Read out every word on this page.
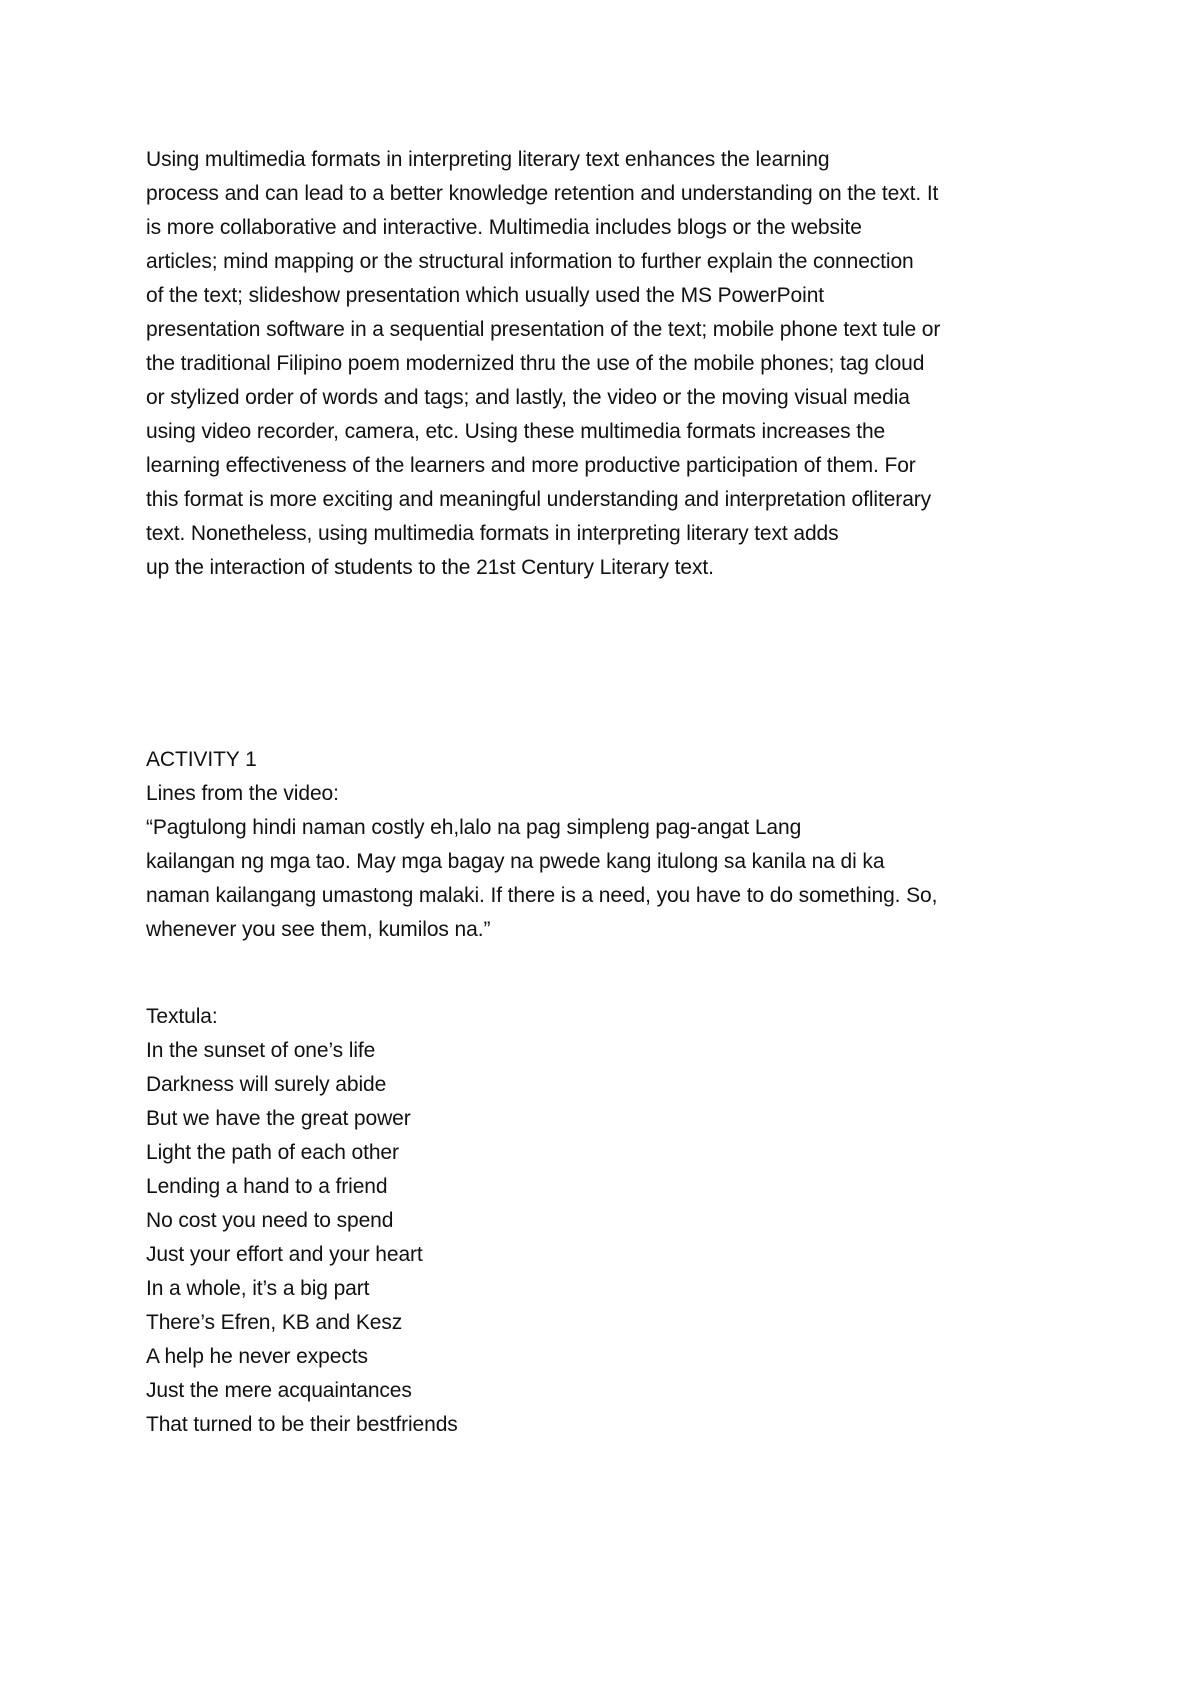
Using multimedia formats in interpreting literary text enhances the learning
process and can lead to a better knowledge retention and understanding on the text. It
is more collaborative and interactive. Multimedia includes blogs or the website
articles; mind mapping or the structural information to further explain the connection
of the text; slideshow presentation which usually used the MS PowerPoint
presentation software in a sequential presentation of the text; mobile phone text tule or
the traditional Filipino poem modernized thru the use of the mobile phones; tag cloud
or stylized order of words and tags; and lastly, the video or the moving visual media
using video recorder, camera, etc. Using these multimedia formats increases the
learning effectiveness of the learners and more productive participation of them. For
this format is more exciting and meaningful understanding and interpretation ofliterary
text. Nonetheless, using multimedia formats in interpreting literary text adds
up the interaction of students to the 21st Century Literary text.
ACTIVITY 1
Lines from the video:
“Pagtulong hindi naman costly eh,lalo na pag simpleng pag-angat Lang
kailangan ng mga tao. May mga bagay na pwede kang itulong sa kanila na di ka
naman kailangang umastong malaki. If there is a need, you have to do something. So,
whenever you see them, kumilos na.”
Textula:
In the sunset of one’s life
Darkness will surely abide
But we have the great power
Light the path of each other
Lending a hand to a friend
No cost you need to spend
Just your effort and your heart
In a whole, it’s a big part
There’s Efren, KB and Kesz
A help he never expects
Just the mere acquaintances
That turned to be their bestfriends
